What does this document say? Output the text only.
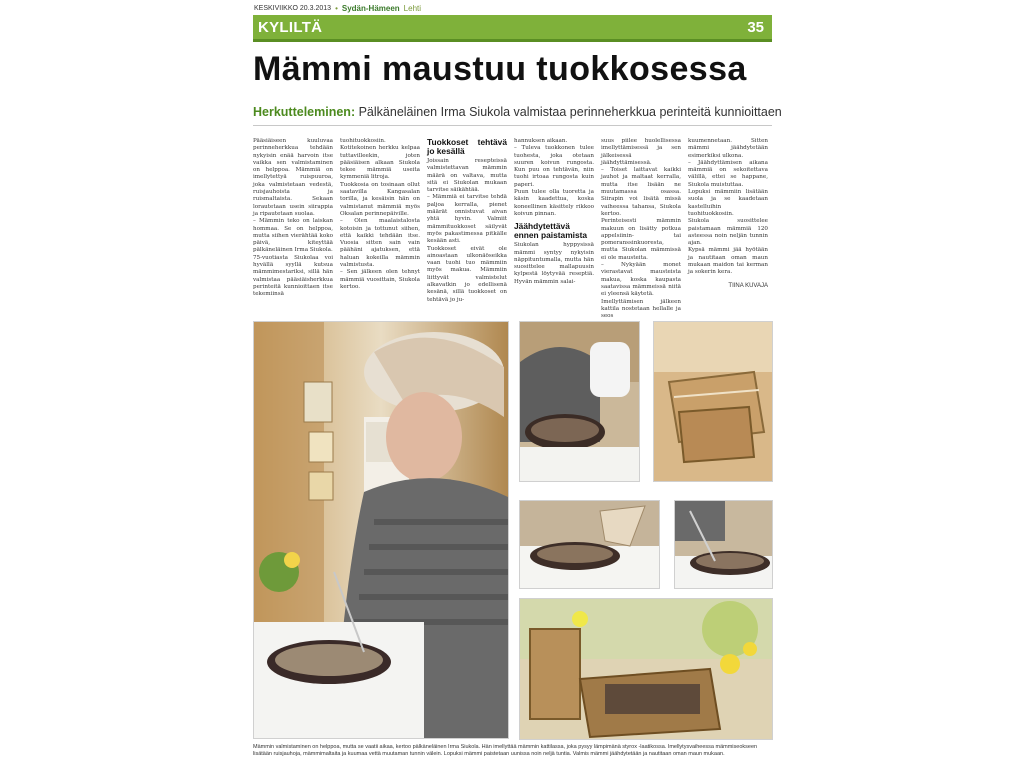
KESKIVIIKKO 20.3.2013 • Sydän-Hämeen Lehti
KYLILTÄ	35
Mämmi maustuu tuokkosessa
Herkutteleminen: Pälkäneläinen Irma Siukola valmistaa perinneherkkua perinteitä kunnioittaen

Pääsiäiseen kuuluvaa perinneherkkua tehdään nykyisin enää harvoin itse vaikka sen valmistaminen on helppoa. Mämmiä on imellytettyä ruispuuroa, joka valmistetaan vedestä, ruisjauhoista ja ruismaltaista. Sekaan lorautetaan usein siirappia ja ripautetaan suolaa.

– Mämmin teko on laiskan hommaa. Se on helppoa, mutta siihen vierähtää koko päivä, kiteyttää pälkäneläinen Irma Siukola.

75-vuotiasta Siukolaa voi hyvällä syyllä kutsua mämmimestariksi, sillä hän valmistaa pääsiäisherkkua perinteitä kunnioittaen itse tekemiinsä

tuohituokkosiin.

Kotitekoinen herkku kelpaa tuttavilleekin, joten pääsiäisen alkaan Siukola tekee mämmiä useita kymmeniä litroja.

Tuokkosia on tosinaan ollut saatavilla Kangasalan torilla, ja kesäisin hän on valmistanut mämmiä myös Oksalan perinnepäiville.

– Olen maalaistalosta kotoisin ja tottunut siihen, että kaikki tehdään itse. Vuosia sitten sain vain päähäni ajatuksen, että haluan kokeilla mämmin valmistusta.

– Sen jälkeen olen tehnyt mämmiä vuosittain, Siukola kertoo.

Tuokkoset tehtävä jo kesällä

Joissain resepteissä valmistettavan mämmin määrä on valtava, mutta sitä ei Siukolan mukaan tarvitse säikähtää.

– Mämmiä ei tarvitse tehdä paljoa kerralla, pienet määrät onnistuvat aivan yhtä hyvin. Valmiit mämmituokkoset säilyvät myös pakastimessa pitkälle kesään asti.

Tuokkoset eivät ole ainoastaan ulkonäöseikka vaan tuohi tuo mämmiin myös makua. Mämmiin liittyvät valmistelut alkavatkin jo edellisenä kesänä, sillä tuokkoset on tehtävä jo ju-

hannuksen aikaan.

– Tuleva tuokkonen tulee tuohesta, joka otetaan suuren koivun rungosta. Kun puu on tehtävän, niin tuohi irtoaa rungosta kuin paperi.

Puun tulee olla tuoretta ja käsin kaadettua, koska koneellinen käsittely rikkoo koivun pinnan.

Jäähdytettävä ennen paistamista

Siukolan hyppysissä mämmi syntyy nykyisin näppituntumalla, mutta hän suosittelee mallapuusin kylpestä löytyvää reseptiä. Hyvän mämmin salai-

suus piilee huolellisessa imellyttämisessä ja sen jälkeisessä jäähdyttämisessä.

– Toiset laittavat kaikki jauhot ja maltaat kerralla, mutta itse lisään ne muutamassa osassa. Siirapin voi lisätä missä vaiheessa tahansa, Siukola kertoo.

Perinteisesti mämmin makuun on lisätty potkua appelsiinin- tai pomeranssinkuoresta, mutta Siukolan mämmissä ei ole mausteita.

– Nykyään monet vierastavat mausteista makua, koska kaupasta saatavissa mämmeissä niitä ei yleensä käytetä.

Imellyttämisen jälkeen kattila nostetaan hellalle ja seos

kuumennetaan. Sitten mämmi jäähdytetään esimerkiksi ulkona.

– Jäähdyttämisen aikana mämmiä on sekoitettava välillä, ettei se happane, Siukola muistuttaa.

Lopuksi mämmiin lisätään suola ja se kaadetaan kastelluihin tuohituokkosiin.

Siukola suosittelee paistamaan mämmiä 120 asteessa noin neljän tunnin ajan.

Kypsä mämmi jää hyötään ja nautitaan oman maun mukaan maidon tai kerman ja sokerin kera.

TIINA KUVAJA
Mämmin valmistaminen on helppoa, mutta se vaatii aikaa, kertoo pälkäneläinen Irma Siukola. Hän imellyttää mämmin kattilassa, joka pysyy lämpimänä styrox -laatikossa. Imellytysvaiheessa mämmiseokseen lisätään ruisjauhoja, mämmimaltaita ja kuumaa vettä muutaman tunnin välein. Lopuksi mämmi paistetaan uunissa noin neljä tuntia. Valmis mämmi jäähdytetään ja nautitaan oman maun mukaan.
